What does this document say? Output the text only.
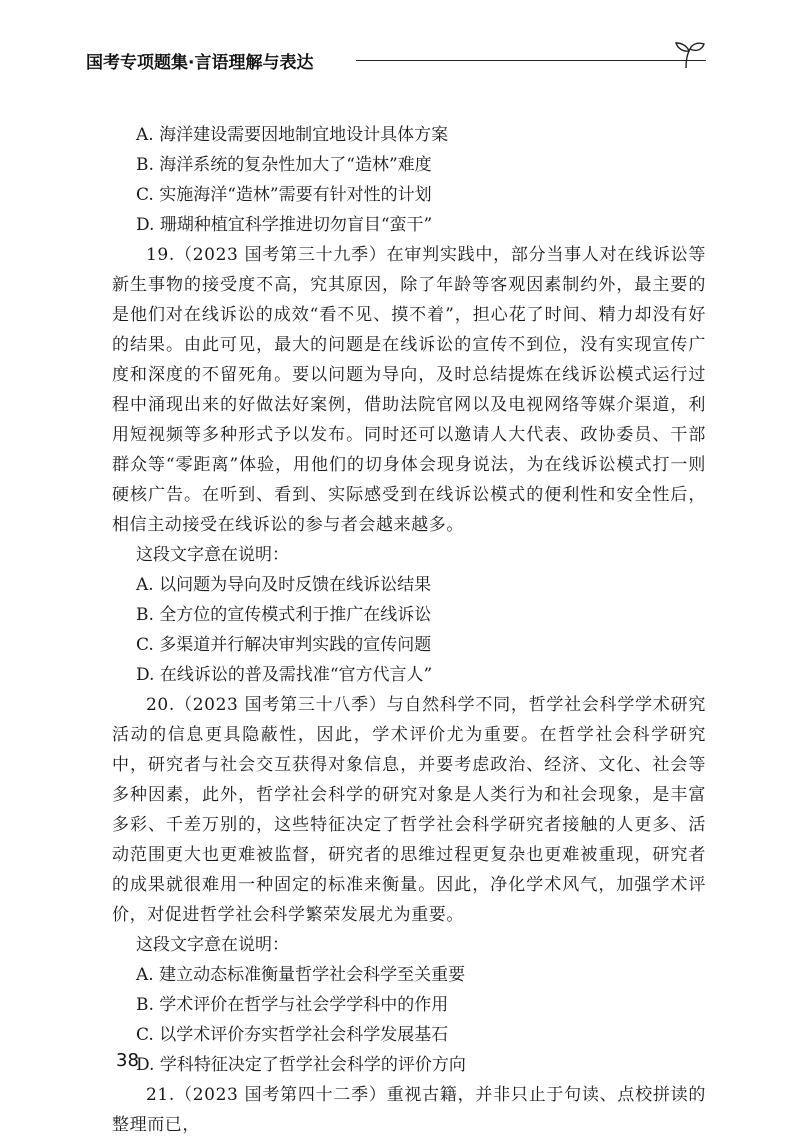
国考专项题集·言语理解与表达
A. 海洋建设需要因地制宜地设计具体方案
B. 海洋系统的复杂性加大了“造林”难度
C. 实施海洋“造林”需要有针对性的计划
D. 珊瑚种植宜科学推进切勿盲目“蛮干”

19.（2023 国考第三十九季）在审判实践中，部分当事人对在线诉讼等新生事物的接受度不高，究其原因，除了年龄等客观因素制约外，最主要的是他们对在线诉讼的成效“看不见、摸不着”，担心花了时间、精力却没有好的结果。由此可见，最大的问题是在线诉讼的宣传不到位，没有实现宣传广度和深度的不留死角。要以问题为导向，及时总结提炼在线诉讼模式运行过程中涌现出来的好做法好案例，借助法院官网以及电视网络等媒介渠道，利用短视频等多种形式予以发布。同时还可以邀请人大代表、政协委员、干部群众等“零距离”体验，用他们的切身体会现身说法，为在线诉讼模式打一则硬核广告。在听到、看到、实际感受到在线诉讼模式的便利性和安全性后，相信主动接受在线诉讼的参与者会越来越多。

这段文字意在说明：
A. 以问题为导向及时反馈在线诉讼结果
B. 全方位的宣传模式利于推广在线诉讼
C. 多渠道并行解决审判实践的宣传问题
D. 在线诉讼的普及需找准“官方代言人”

20.（2023 国考第三十八季）与自然科学不同，哲学社会科学学术研究活动的信息更具隐蔽性，因此，学术评价尤为重要。在哲学社会科学研究中，研究者与社会交互获得对象信息，并要考虑政治、经济、文化、社会等多种因素，此外，哲学社会科学的研究对象是人类行为和社会现象，是丰富多彩、千差万别的，这些特征决定了哲学社会科学研究者接触的人更多、活动范围更大也更难被监督，研究者的思维过程更复杂也更难被重现，研究者的成果就很难用一种固定的标准来衡量。因此，净化学术风气，加强学术评价，对促进哲学社会科学繁荣发展尤为重要。

这段文字意在说明：
A. 建立动态标准衡量哲学社会科学至关重要
B. 学术评价在哲学与社会学学科中的作用
C. 以学术评价夯实哲学社会科学发展基石
D. 学科特征决定了哲学社会科学的评价方向

21.（2023 国考第四十二季）重视古籍，并非只止于句读、点校拼读的整理而已，

38
